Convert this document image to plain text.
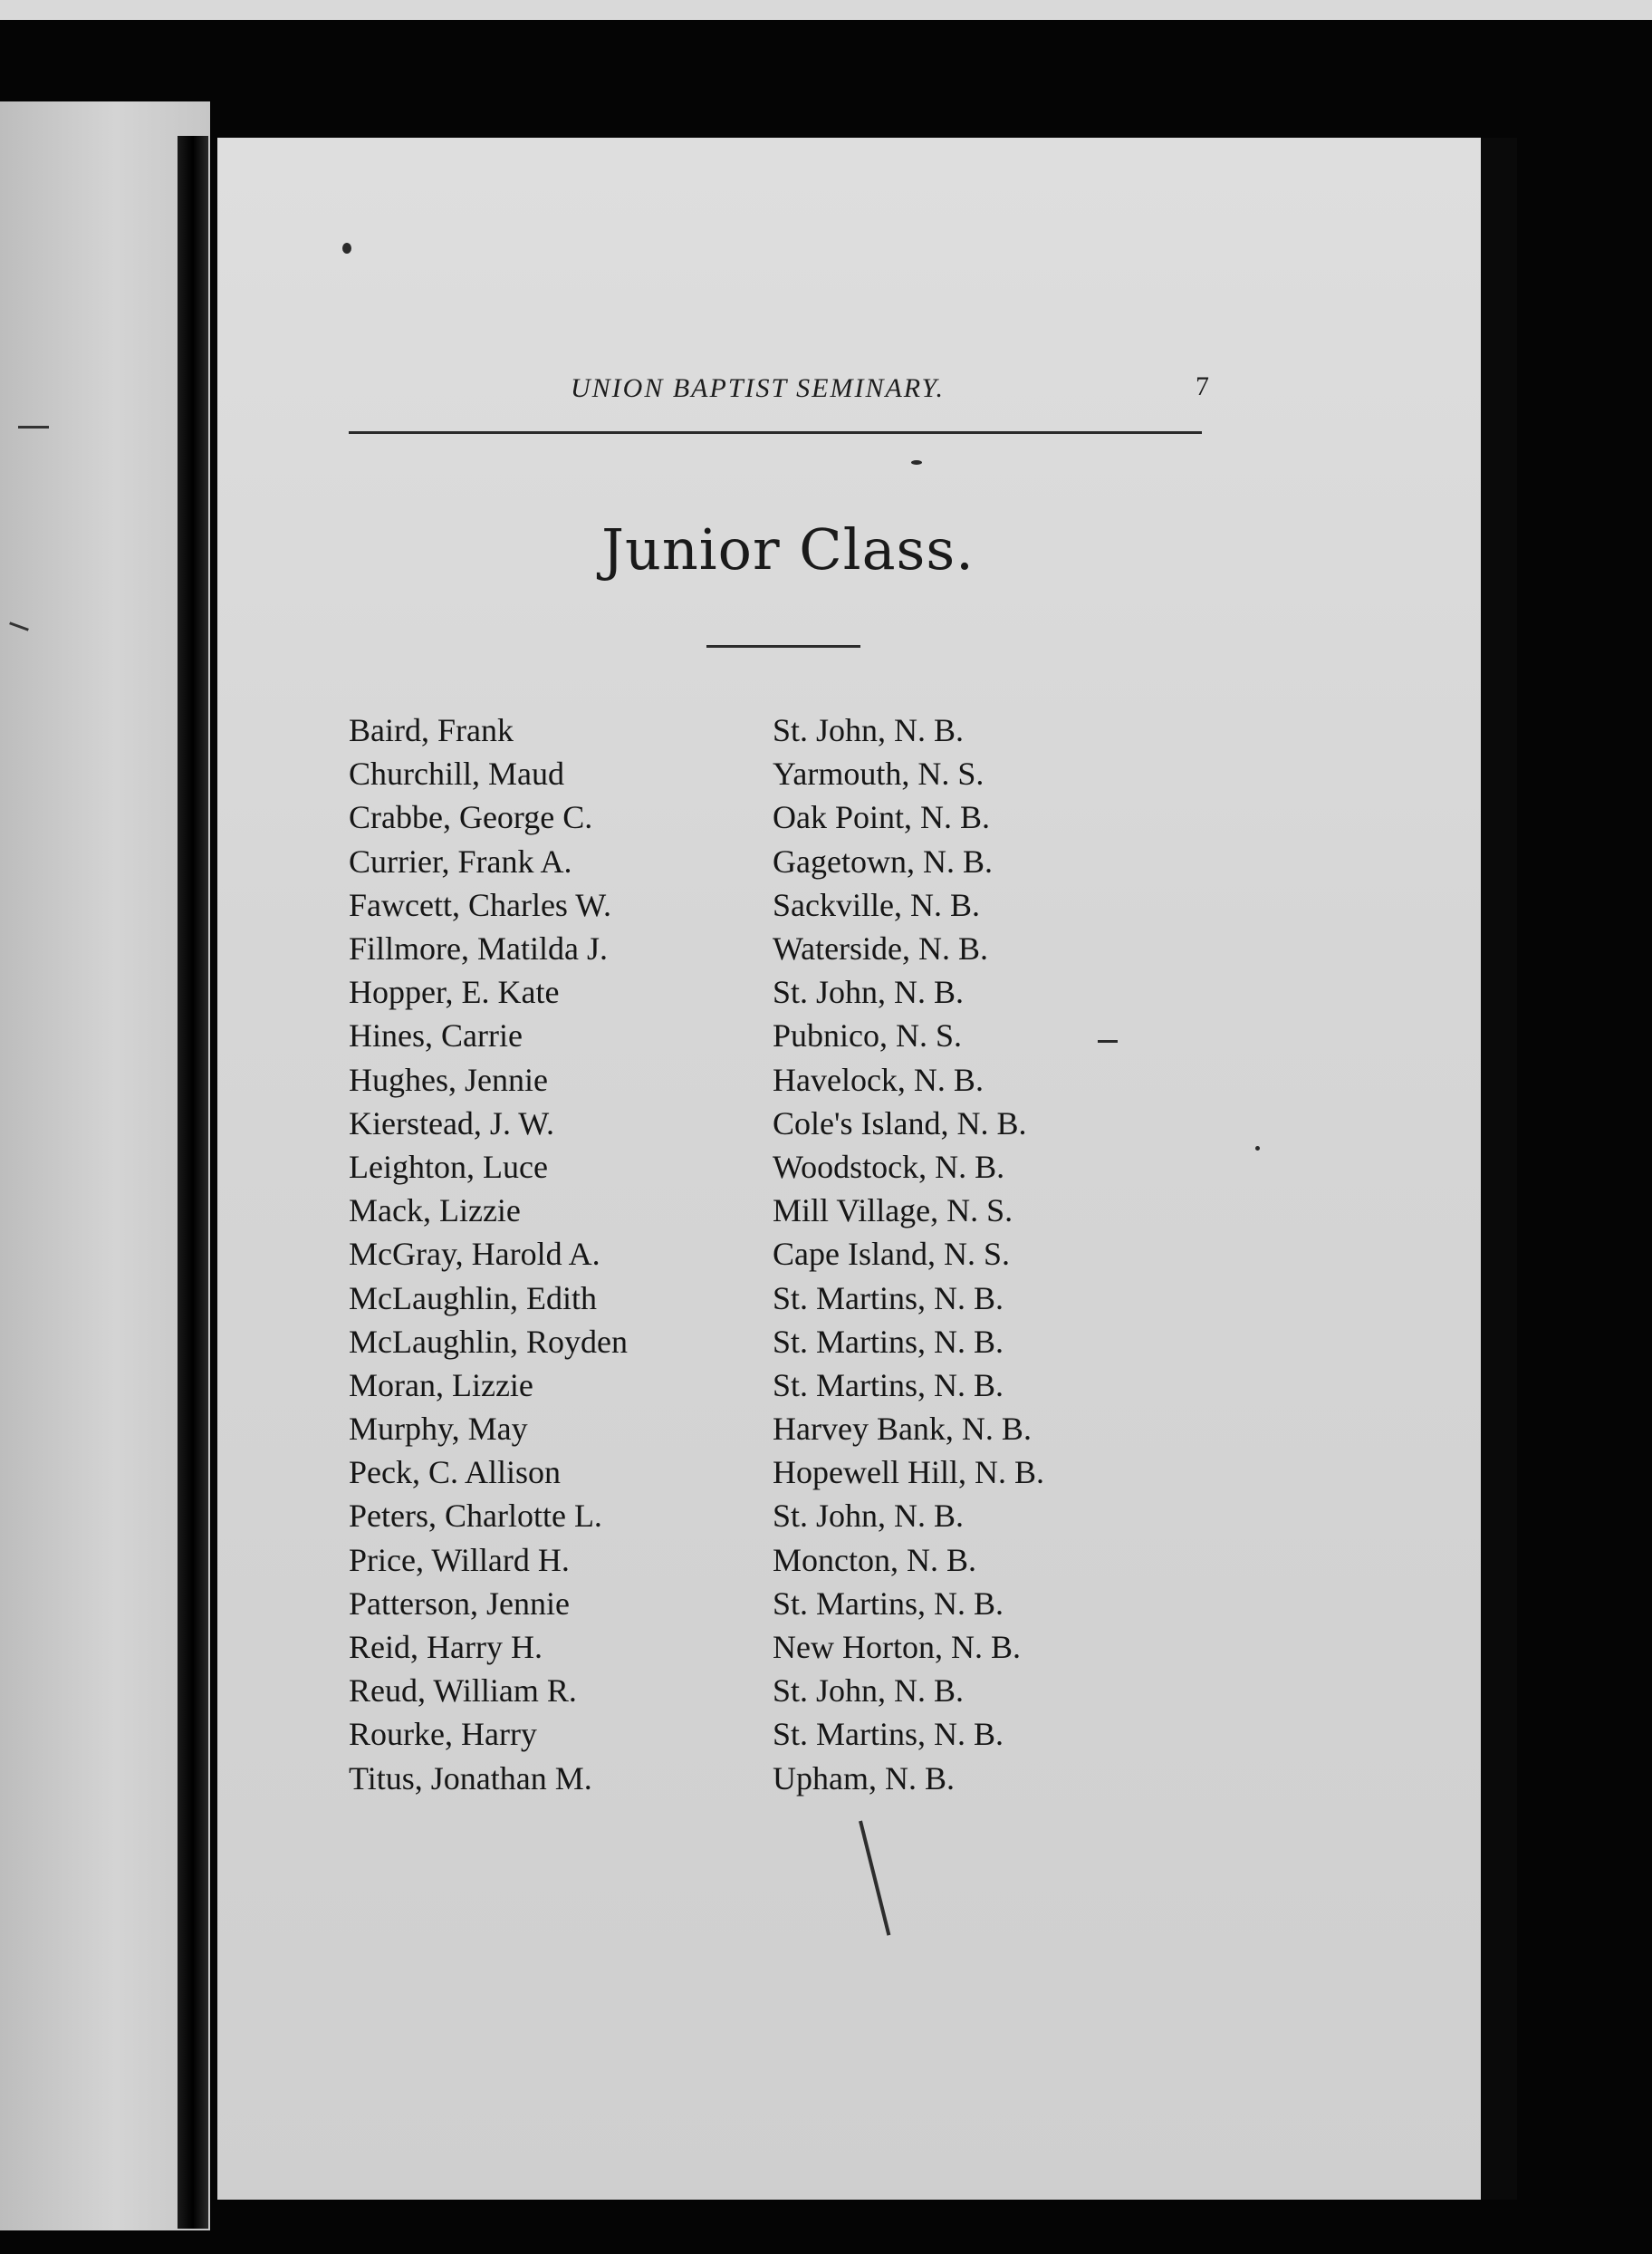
UNION BAPTIST SEMINARY.	7
Junior Class.
Baird, Frank	St. John, N. B.
Churchill, Maud	Yarmouth, N. S.
Crabbe, George C.	Oak Point, N. B.
Currier, Frank A.	Gagetown, N. B.
Fawcett, Charles W.	Sackville, N. B.
Fillmore, Matilda J.	Waterside, N. B.
Hopper, E. Kate	St. John, N. B.
Hines, Carrie	Pubnico, N. S.
Hughes, Jennie	Havelock, N. B.
Kierstead, J. W.	Cole's Island, N. B.
Leighton, Luce	Woodstock, N. B.
Mack, Lizzie	Mill Village, N. S.
McGray, Harold A.	Cape Island, N. S.
McLaughlin, Edith	St. Martins, N. B.
McLaughlin, Royden	St. Martins, N. B.
Moran, Lizzie	St. Martins, N. B.
Murphy, May	Harvey Bank, N. B.
Peck, C. Allison	Hopewell Hill, N. B.
Peters, Charlotte L.	St. John, N. B.
Price, Willard H.	Moncton, N. B.
Patterson, Jennie	St. Martins, N. B.
Reid, Harry H.	New Horton, N. B.
Reud, William R.	St. John, N. B.
Rourke, Harry	St. Martins, N. B.
Titus, Jonathan M.	Upham, N. B.
